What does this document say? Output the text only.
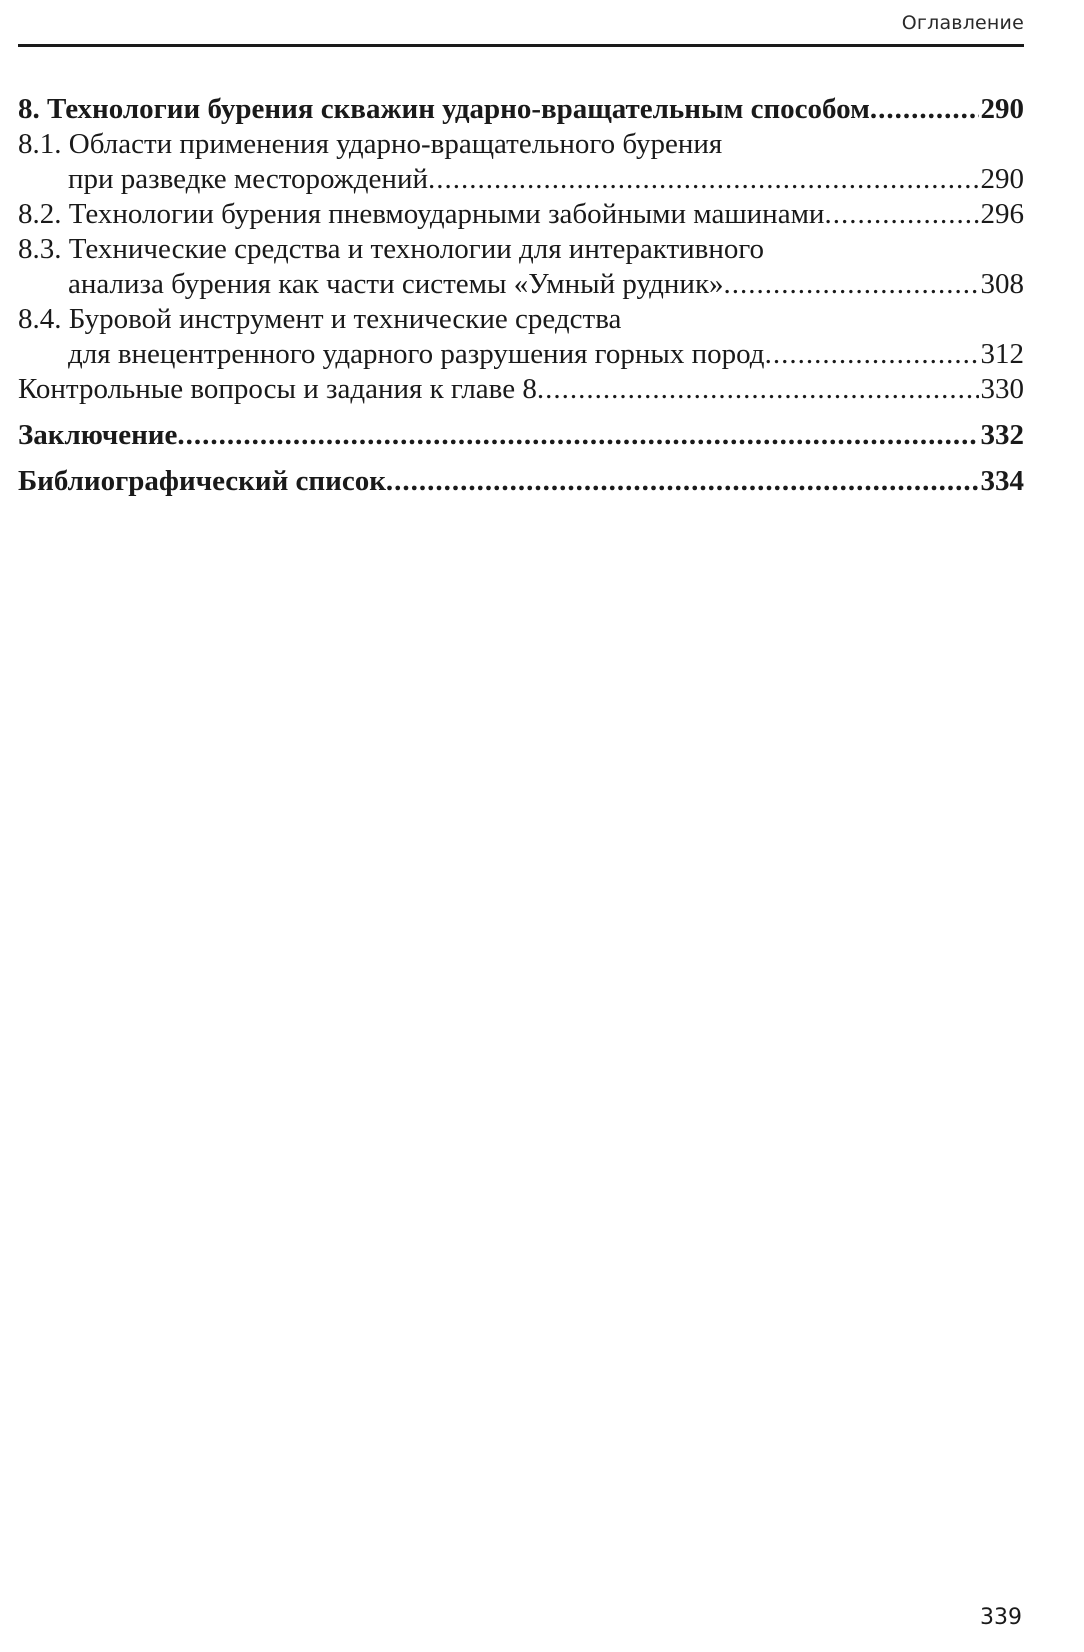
Оглавление
8. Технологии бурения скважин ударно-вращательным способом .....	290
8.1. Области применения ударно-вращательного бурения
при разведке месторождений .....	290
8.2. Технологии бурения пневмоударными забойными машинами .....	296
8.3. Технические средства и технологии для интерактивного
анализа бурения как части системы «Умный рудник» .....	308
8.4. Буровой инструмент и технические средства
для внецентренного ударного разрушения горных пород .....	312
Контрольные вопросы и задания к главе 8 .....	330
Заключение .....	332
Библиографический список .....	334
339
